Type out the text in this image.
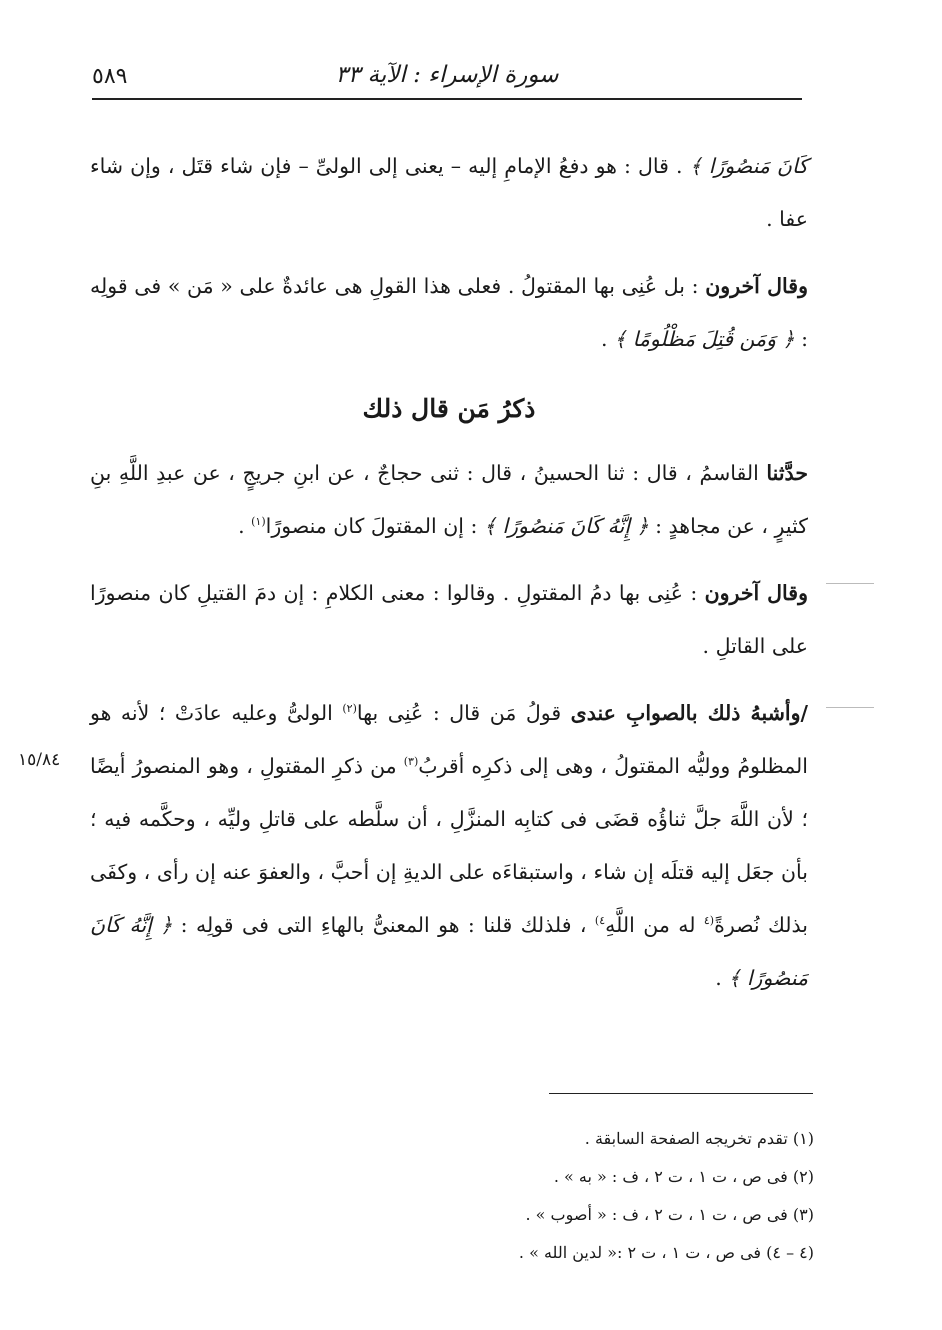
٥٨٩	سورة الإسراء : الآية ٣٣

كَانَ مَنصُورًا ﴾ . قال : هو دفعُ الإمامِ إليه – يعنى إلى الولىِّ – فإن شاء قتَل ، وإن شاء عفا .

وقال آخرون : بل عُنِى بها المقتولُ . فعلى هذا القولِ هى عائدةٌ على « مَن » فى قولِه : ﴿ وَمَن قُتِلَ مَظْلُومًا ﴾ .

ذكرُ مَن قال ذلك

حدَّثنا القاسمُ ، قال : ثنا الحسينُ ، قال : ثنى حجاجٌ ، عن ابنِ جريجٍ ، عن عبدِ اللَّهِ بنِ كثيرٍ ، عن مجاهدٍ : ﴿ إِنَّهُ كَانَ مَنصُورًا ﴾ : إن المقتولَ كان منصورًا$^{(١)}$ .

وقال آخرون : عُنِى بها دمُ المقتولِ . وقالوا : معنى الكلامِ : إن دمَ القتيلِ كان منصورًا على القاتلِ .

/وأشبهُ ذلك بالصوابِ عندى قولُ مَن قال : عُنِى بها$^{(٢)}$ الولىُّ وعليه عادَتْ ؛ لأنه هو المظلومُ ووليُّه المقتولُ ، وهى إلى ذكرِه أقربُ$^{(٣)}$ من ذكرِ المقتولِ ، وهو المنصورُ أيضًا ؛ لأن اللَّهَ جلَّ ثناؤُه قضَى فى كتابِه المنزَّلِ ، أن سلَّطه على قاتلِ وليِّه ، وحكَّمه فيه ؛ بأن جعَل إليه قتلَه إن شاء ، واستبقاءَه على الديةِ إن أحبَّ ، والعفوَ عنه إن رأى ، وكفَى بذلك نُصرةً$^{(٤}$ له من اللَّهِ$^{٤)}$ ، فلذلك قلنا : هو المعنىُّ بالهاءِ التى فى قولِه : ﴿ إِنَّهُ كَانَ مَنصُورًا ﴾ .

١٥/٨٤
(١) تقدم تخريجه الصفحة السابقة .
(٢) فى ص ، ت ١ ، ت ٢ ، ف : « به » .
(٣) فى ص ، ت ١ ، ت ٢ ، ف : « أصوب » .
(٤ – ٤) فى ص ، ت ١ ، ت ٢ :« لدين الله » .
